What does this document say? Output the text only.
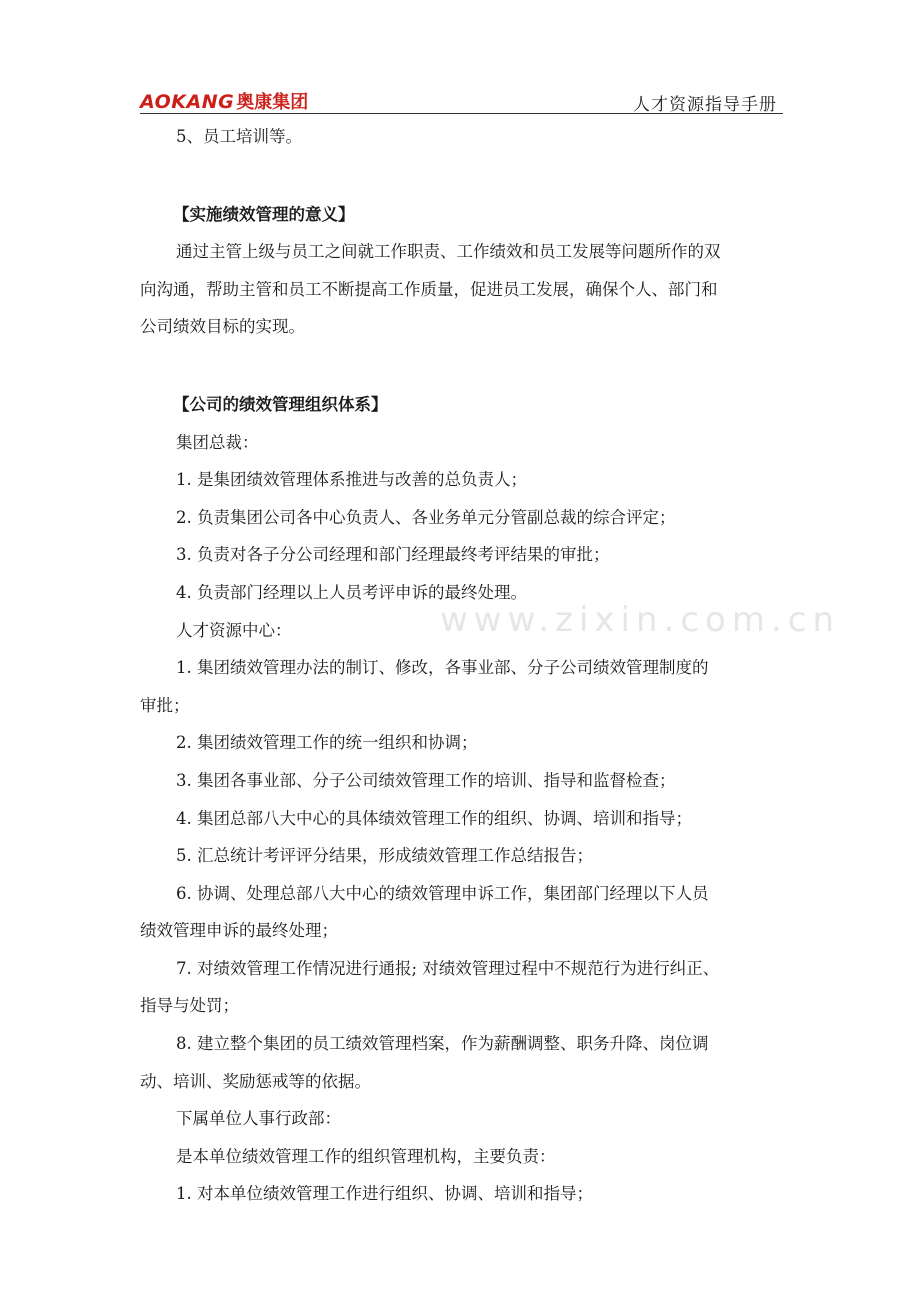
AOKANG 奥康集团	人才资源指导手册
www.zixin.com.cn
5、员工培训等。
【实施绩效管理的意义】
通过主管上级与员工之间就工作职责、工作绩效和员工发展等问题所作的双
向沟通，帮助主管和员工不断提高工作质量，促进员工发展，确保个人、部门和
公司绩效目标的实现。
【公司的绩效管理组织体系】
集团总裁：
1. 是集团绩效管理体系推进与改善的总负责人；
2. 负责集团公司各中心负责人、各业务单元分管副总裁的综合评定；
3. 负责对各子分公司经理和部门经理最终考评结果的审批；
4. 负责部门经理以上人员考评申诉的最终处理。
人才资源中心：
1. 集团绩效管理办法的制订、修改，各事业部、分子公司绩效管理制度的
审批；
2. 集团绩效管理工作的统一组织和协调；
3. 集团各事业部、分子公司绩效管理工作的培训、指导和监督检查；
4. 集团总部八大中心的具体绩效管理工作的组织、协调、培训和指导；
5. 汇总统计考评评分结果，形成绩效管理工作总结报告；
6. 协调、处理总部八大中心的绩效管理申诉工作，集团部门经理以下人员
绩效管理申诉的最终处理；
7. 对绩效管理工作情况进行通报; 对绩效管理过程中不规范行为进行纠正、
指导与处罚；
8. 建立整个集团的员工绩效管理档案，作为薪酬调整、职务升降、岗位调
动、培训、奖励惩戒等的依据。
下属单位人事行政部：
是本单位绩效管理工作的组织管理机构，主要负责：
1. 对本单位绩效管理工作进行组织、协调、培训和指导；
